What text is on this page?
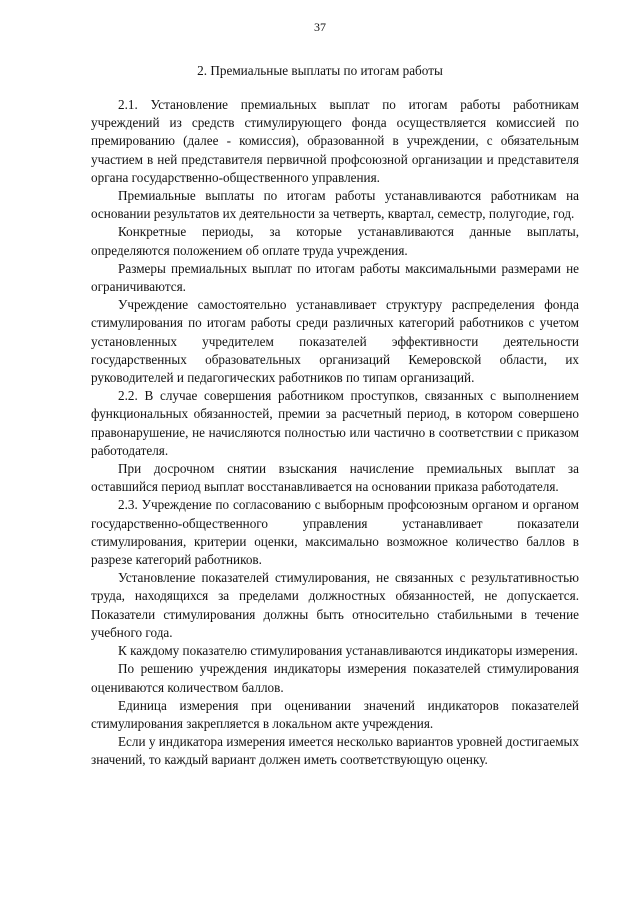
37
2. Премиальные выплаты по итогам работы

2.1. Установление премиальных выплат по итогам работы работникам учреждений из средств стимулирующего фонда осуществляется комиссией по премированию (далее - комиссия), образованной в учреждении, с обязательным участием в ней представителя первичной профсоюзной организации и представителя органа государственно-общественного управления.

Премиальные выплаты по итогам работы устанавливаются работникам на основании результатов их деятельности за четверть, квартал, семестр, полугодие, год.

Конкретные периоды, за которые устанавливаются данные выплаты, определяются положением об оплате труда учреждения.

Размеры премиальных выплат по итогам работы максимальными размерами не ограничиваются.

Учреждение самостоятельно устанавливает структуру распределения фонда стимулирования по итогам работы среди различных категорий работников с учетом установленных учредителем показателей эффективности деятельности государственных образовательных организаций Кемеровской области, их руководителей и педагогических работников по типам организаций.

2.2. В случае совершения работником проступков, связанных с выполнением функциональных обязанностей, премии за расчетный период, в котором совершено правонарушение, не начисляются полностью или частично в соответствии с приказом работодателя.

При досрочном снятии взыскания начисление премиальных выплат за оставшийся период выплат восстанавливается на основании приказа работодателя.

2.3. Учреждение по согласованию с выборным профсоюзным органом и органом государственно-общественного управления устанавливает показатели стимулирования, критерии оценки, максимально возможное количество баллов в разрезе категорий работников.

Установление показателей стимулирования, не связанных с результативностью труда, находящихся за пределами должностных обязанностей, не допускается. Показатели стимулирования должны быть относительно стабильными в течение учебного года.

К каждому показателю стимулирования устанавливаются индикаторы измерения.

По решению учреждения индикаторы измерения показателей стимулирования оцениваются количеством баллов.

Единица измерения при оценивании значений индикаторов показателей стимулирования закрепляется в локальном акте учреждения.

Если у индикатора измерения имеется несколько вариантов уровней достигаемых значений, то каждый вариант должен иметь соответствующую оценку.
